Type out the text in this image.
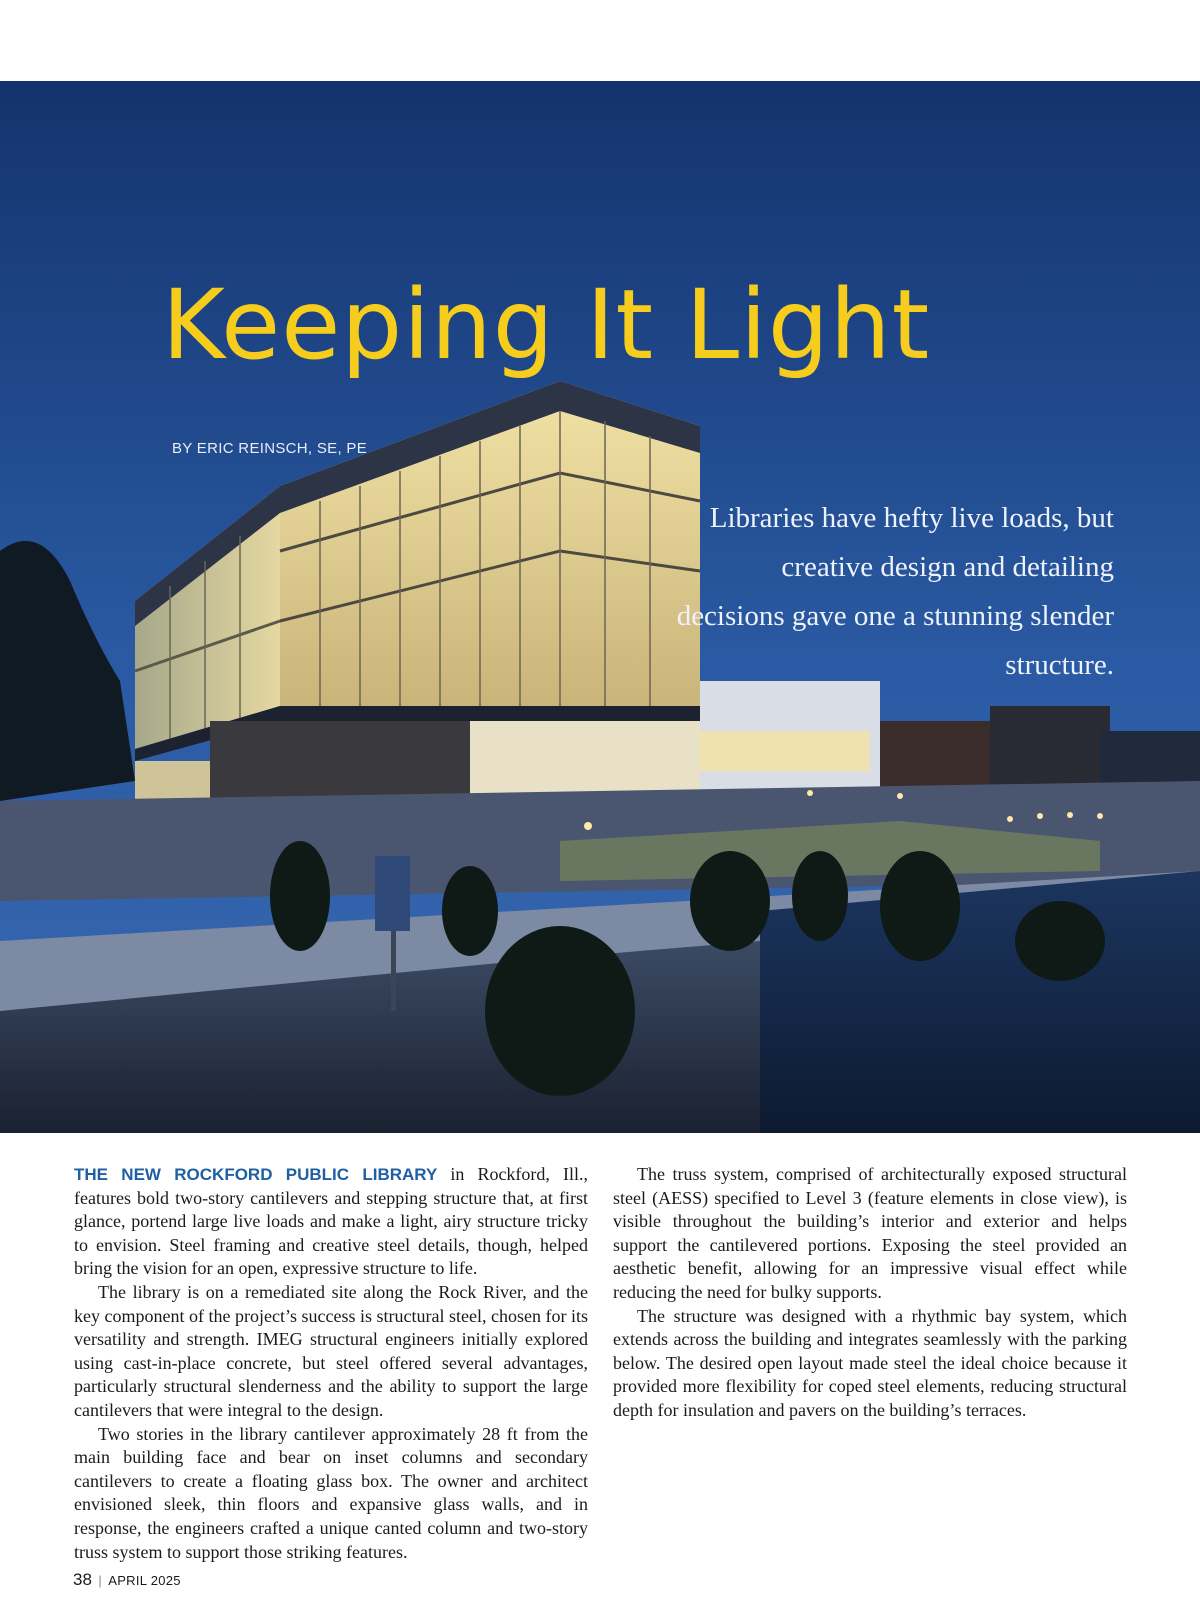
Keeping It Light

BY ERIC REINSCH, SE, PE

Libraries have hefty live loads, but creative design and detailing decisions gave one a stunning slender structure.

THE NEW ROCKFORD PUBLIC LIBRARY in Rockford, Ill., features bold two-story cantilevers and stepping structure that, at first glance, portend large live loads and make a light, airy structure tricky to envision. Steel framing and creative steel details, though, helped bring the vision for an open, expressive structure to life.

The library is on a remediated site along the Rock River, and the key component of the project’s success is structural steel, chosen for its versatility and strength. IMEG structural engineers initially explored using cast-in-place concrete, but steel offered several advantages, particularly structural slenderness and the ability to support the large cantilevers that were integral to the design.

Two stories in the library cantilever approximately 28 ft from the main building face and bear on inset columns and secondary cantilevers to create a floating glass box. The owner and architect envisioned sleek, thin floors and expansive glass walls, and in response, the engineers crafted a unique canted column and two-story truss system to support those striking features.

The truss system, comprised of architecturally exposed structural steel (AESS) specified to Level 3 (feature elements in close view), is visible throughout the building’s interior and exterior and helps support the cantilevered portions. Exposing the steel provided an aesthetic benefit, allowing for an impressive visual effect while reducing the need for bulky supports.

The structure was designed with a rhythmic bay system, which extends across the building and integrates seamlessly with the parking below. The desired open layout made steel the ideal choice because it provided more flexibility for coped steel elements, reducing structural depth for insulation and pavers on the building’s terraces.

38 | APRIL 2025
